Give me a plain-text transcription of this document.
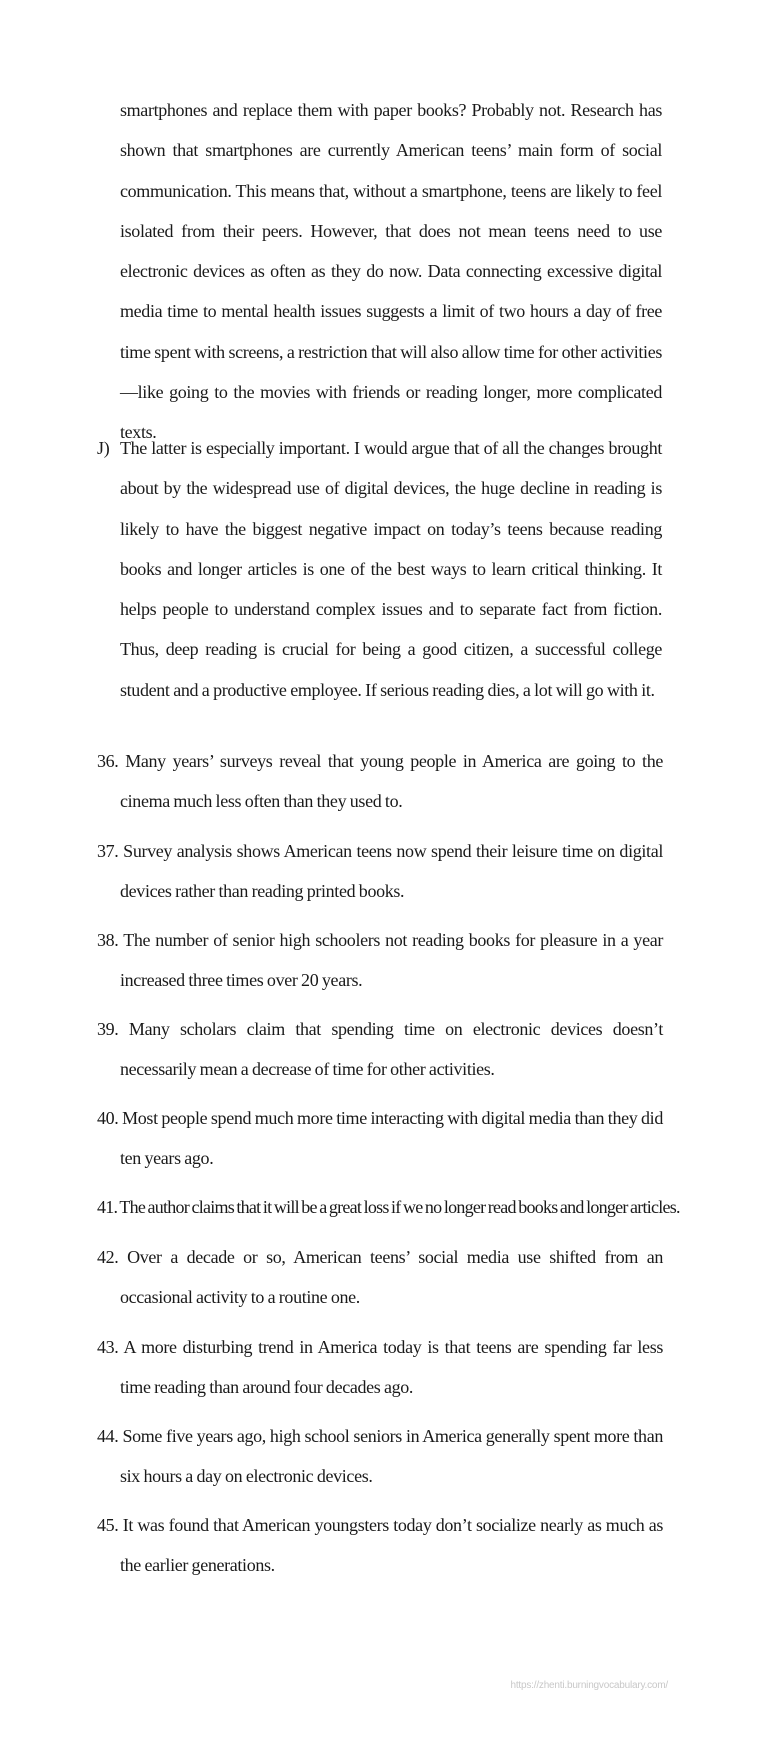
smartphones and replace them with paper books? Probably not. Research has shown that smartphones are currently American teens’ main form of social communication. This means that, without a smartphone, teens are likely to feel isolated from their peers. However, that does not mean teens need to use electronic devices as often as they do now. Data connecting excessive digital media time to mental health issues suggests a limit of two hours a day of free time spent with screens, a restriction that will also allow time for other activities—like going to the movies with friends or reading longer, more complicated texts.

J) The latter is especially important. I would argue that of all the changes brought about by the widespread use of digital devices, the huge decline in reading is likely to have the biggest negative impact on today’s teens because reading books and longer articles is one of the best ways to learn critical thinking. It helps people to understand complex issues and to separate fact from fiction. Thus, deep reading is crucial for being a good citizen, a successful college student and a productive employee. If serious reading dies, a lot will go with it.

36. Many years’ surveys reveal that young people in America are going to the cinema much less often than they used to.

37. Survey analysis shows American teens now spend their leisure time on digital devices rather than reading printed books.

38. The number of senior high schoolers not reading books for pleasure in a year increased three times over 20 years.

39. Many scholars claim that spending time on electronic devices doesn’t necessarily mean a decrease of time for other activities.

40. Most people spend much more time interacting with digital media than they did ten years ago.

41. The author claims that it will be a great loss if we no longer read books and longer articles.

42. Over a decade or so, American teens’ social media use shifted from an occasional activity to a routine one.

43. A more disturbing trend in America today is that teens are spending far less time reading than around four decades ago.

44. Some five years ago, high school seniors in America generally spent more than six hours a day on electronic devices.

45. It was found that American youngsters today don’t socialize nearly as much as the earlier generations.

https://zhenti.burningvocabulary.com/
